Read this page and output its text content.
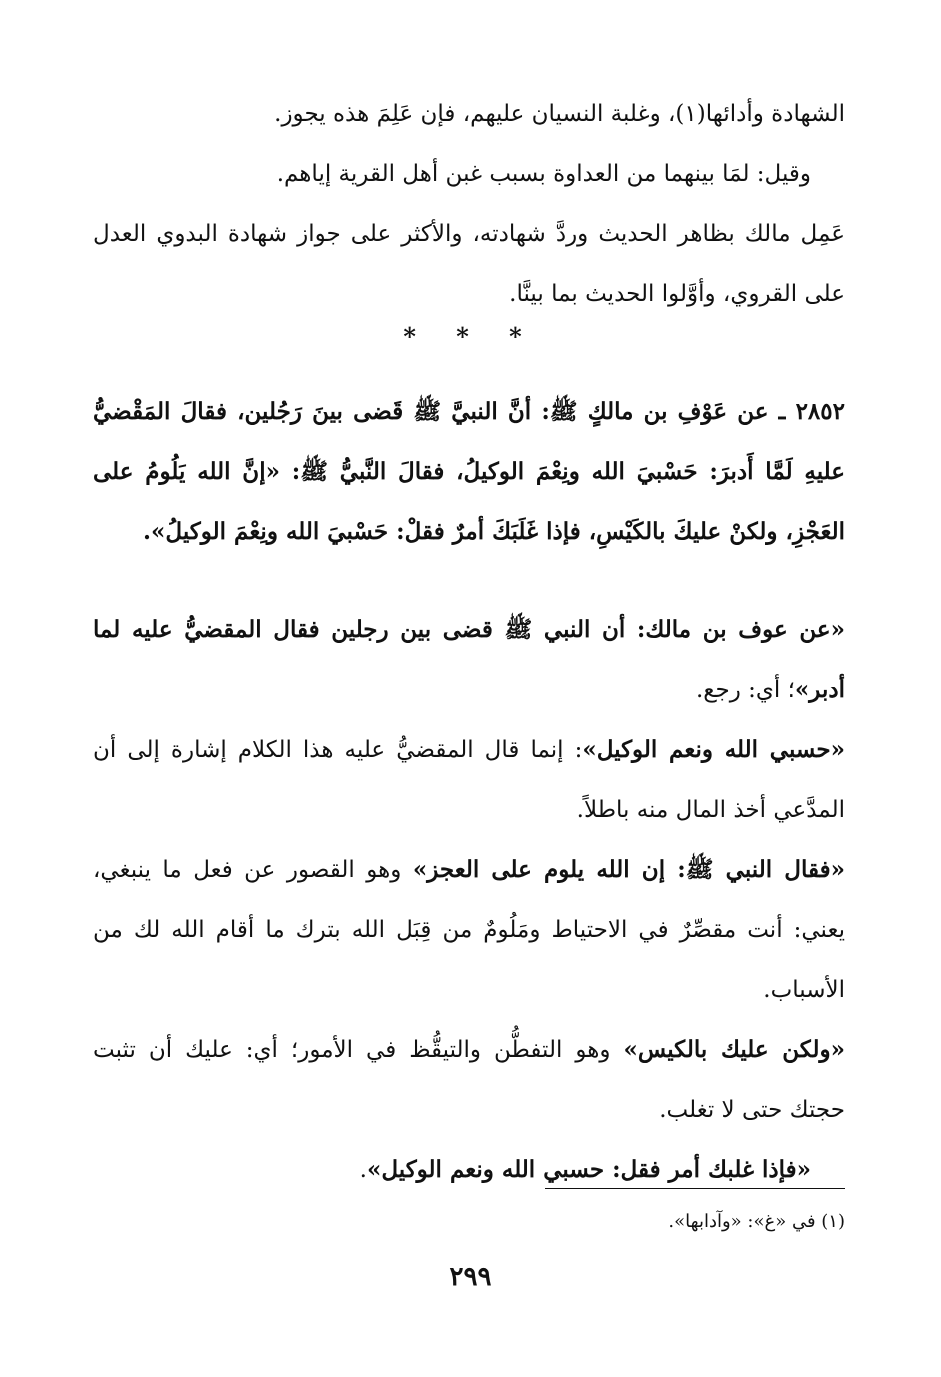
الشهادة وأدائها(١)، وغلبة النسيان عليهم، فإن عَلِمَ هذه يجوز.

وقيل: لمَا بينهما من العداوة بسبب غبن أهل القرية إياهم.

عَمِل مالك بظاهر الحديث وردَّ شهادته، والأكثر على جواز شهادة البدوي العدل على القروي، وأوَّلوا الحديث بما بينَّا.

* * *

٢٨٥٢ ـ عن عَوْفِ بن مالكٍ ﷺ: أنَّ النبيَّ ﷺ قَضى بينَ رَجُلين، فقالَ المَقْضيُّ عليهِ لَمَّا أَدبرَ: حَسْبيَ الله ونِعْمَ الوكيلُ، فقالَ النَّبيُّ ﷺ: «إنَّ الله يَلُومُ على العَجْزِ، ولكنْ عليكَ بالكَيْسِ، فإذا غَلَبَكَ أمرٌ فقلْ: حَسْبيَ الله ونِعْمَ الوكيلُ».

«عن عوف بن مالك: أن النبي ﷺ قضى بين رجلين فقال المقضيُّ عليه لما أدبر»؛ أي: رجع.

«حسبي الله ونعم الوكيل»: إنما قال المقضيُّ عليه هذا الكلام إشارة إلى أن المدَّعي أخذ المال منه باطلاً.

«فقال النبي ﷺ: إن الله يلوم على العجز» وهو القصور عن فعل ما ينبغي، يعني: أنت مقصِّرٌ في الاحتياط ومَلُومٌ من قِبَل الله بترك ما أقام الله لك من الأسباب.

«ولكن عليك بالكيس» وهو التفطُّن والتيقُّظ في الأمور؛ أي: عليك أن تثبت حجتك حتى لا تغلب.

«فإذا غلبك أمر فقل: حسبي الله ونعم الوكيل».

(١) في «غ»: «وآدابها».
٢٩٩
